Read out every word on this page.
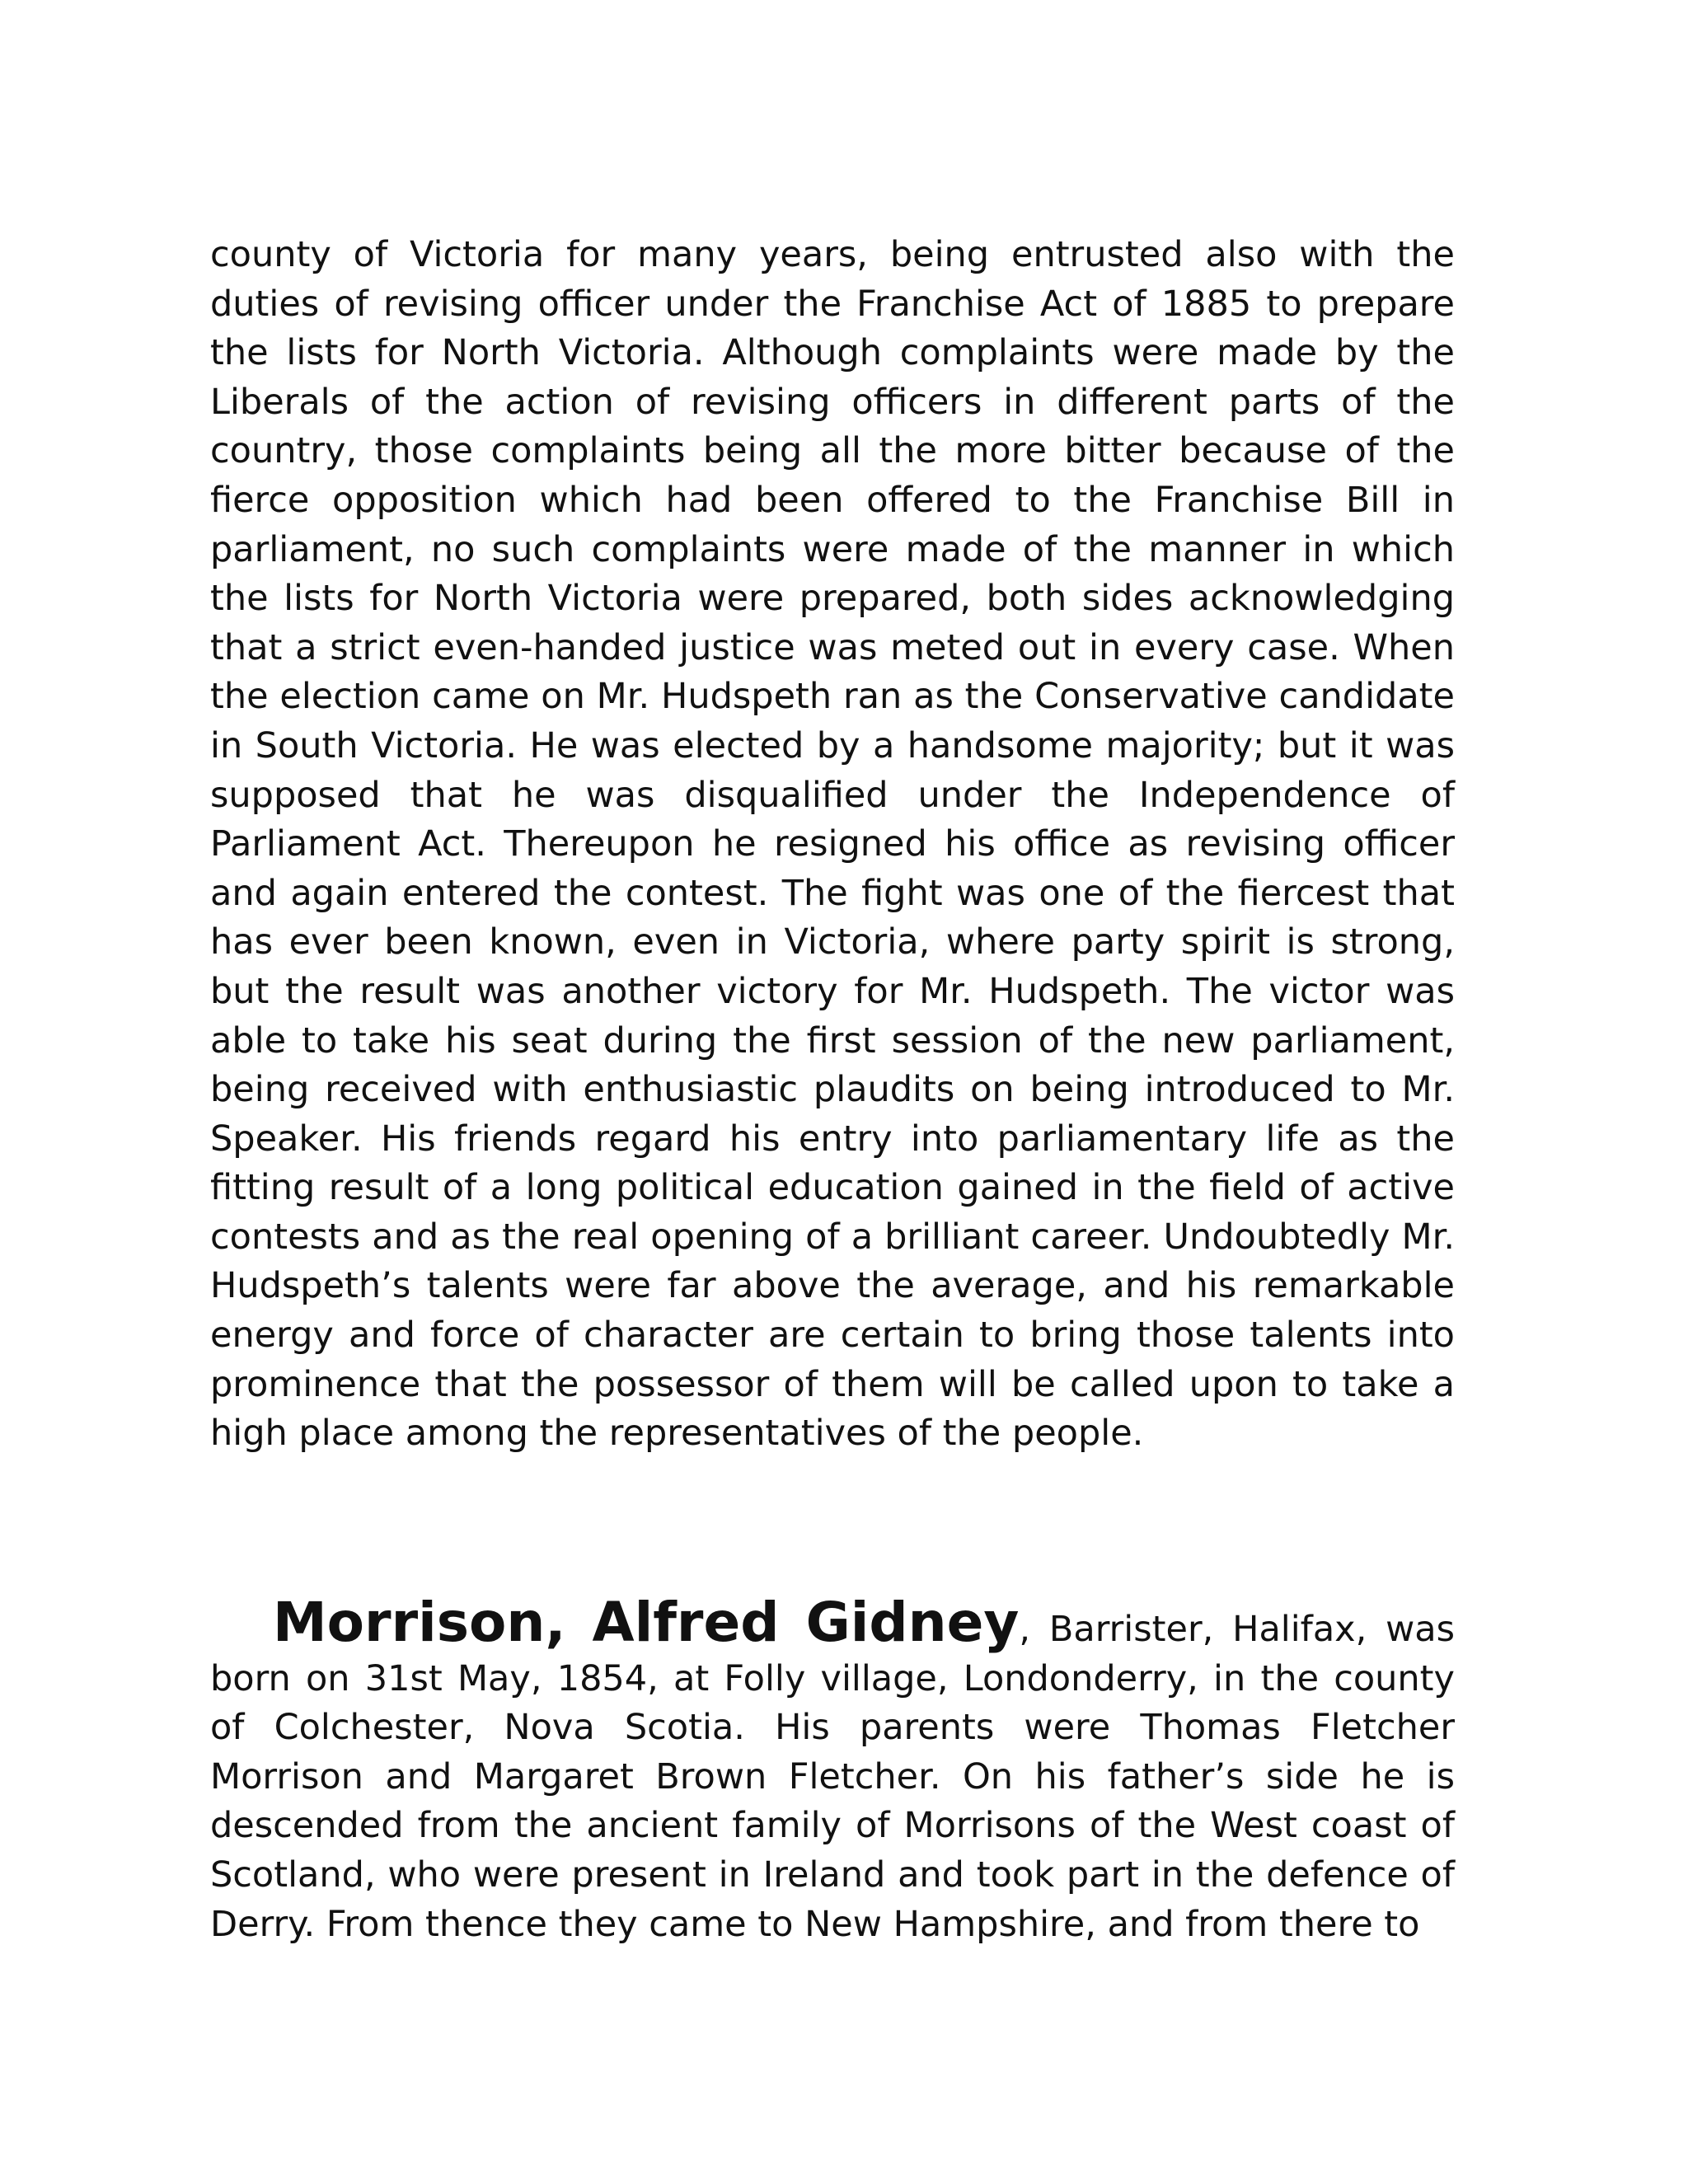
county of Victoria for many years, being entrusted also with the duties of revising officer under the Franchise Act of 1885 to prepare the lists for North Victoria. Although complaints were made by the Liberals of the action of revising officers in different parts of the country, those complaints being all the more bitter because of the fierce opposition which had been offered to the Franchise Bill in parliament, no such complaints were made of the manner in which the lists for North Victoria were prepared, both sides acknowledging that a strict even-handed justice was meted out in every case. When the election came on Mr. Hudspeth ran as the Conservative candidate in South Victoria. He was elected by a handsome majority; but it was supposed that he was disqualified under the Independence of Parliament Act. Thereupon he resigned his office as revising officer and again entered the contest. The fight was one of the fiercest that has ever been known, even in Victoria, where party spirit is strong, but the result was another victory for Mr. Hudspeth. The victor was able to take his seat during the first session of the new parliament, being received with enthusiastic plaudits on being introduced to Mr. Speaker. His friends regard his entry into parliamentary life as the fitting result of a long political education gained in the field of active contests and as the real opening of a brilliant career. Undoubtedly Mr. Hudspeth’s talents were far above the average, and his remarkable energy and force of character are certain to bring those talents into prominence that the possessor of them will be called upon to take a high place among the representatives of the people.

Morrison, Alfred Gidney, Barrister, Halifax, was born on 31st May, 1854, at Folly village, Londonderry, in the county of Colchester, Nova Scotia. His parents were Thomas Fletcher Morrison and Margaret Brown Fletcher. On his father’s side he is descended from the ancient family of Morrisons of the West coast of Scotland, who were present in Ireland and took part in the defence of Derry. From thence they came to New Hampshire, and from there to
